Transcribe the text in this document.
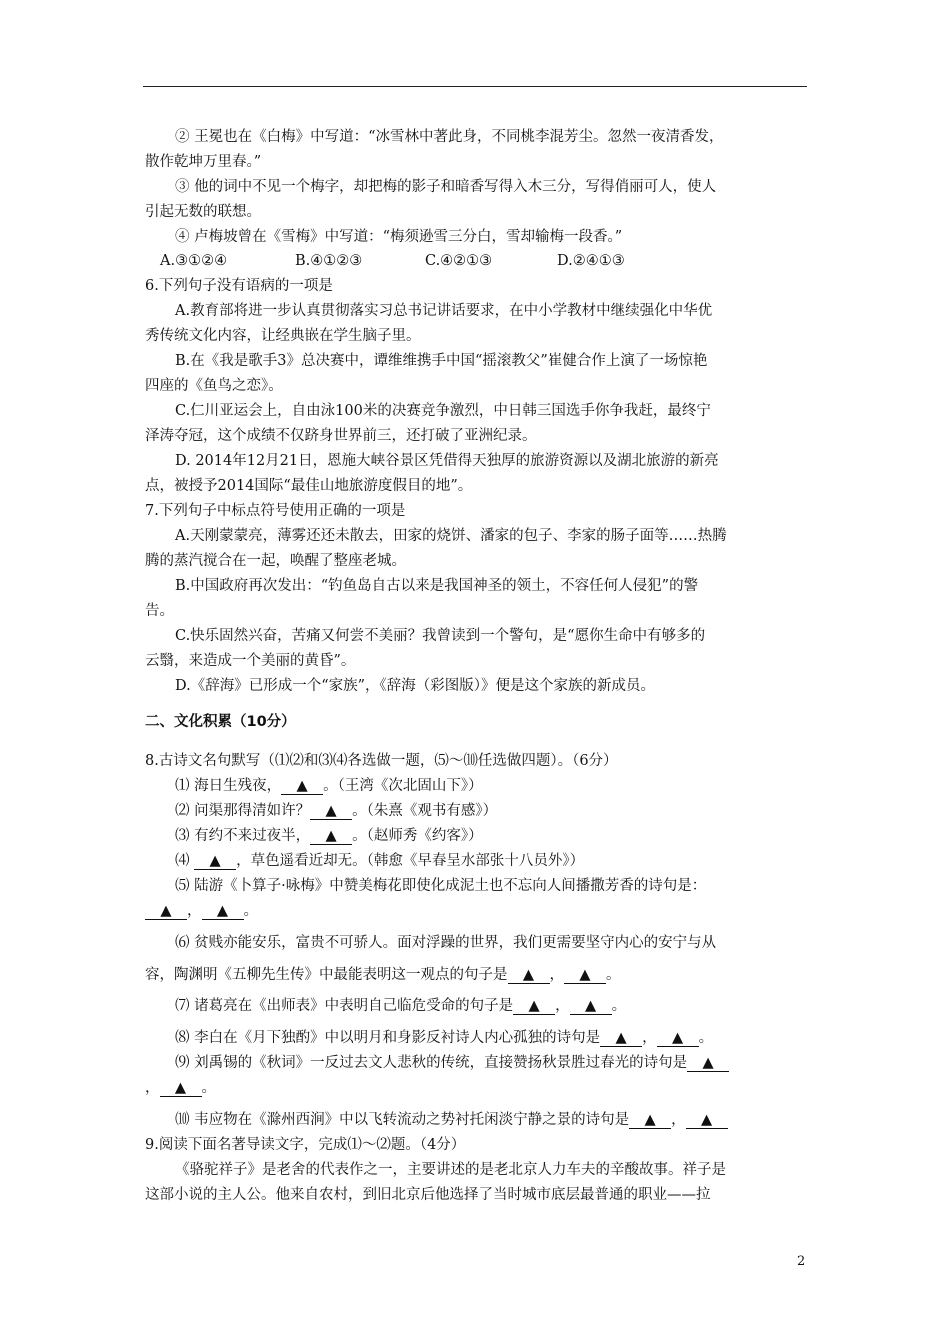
② 王冕也在《白梅》中写道：“冰雪林中著此身，不同桃李混芳尘。忽然一夜清香发，
散作乾坤万里春。”
③ 他的词中不见一个梅字，却把梅的影子和暗香写得入木三分，写得俏丽可人，使人
引起无数的联想。
④ 卢梅坡曾在《雪梅》中写道：“梅须逊雪三分白，雪却输梅一段香。”
A.③①②④	B.④①②③	C.④②①③	D.②④①③
6.下列句子没有语病的一项是
A.教育部将进一步认真贯彻落实习总书记讲话要求，在中小学教材中继续强化中华优
秀传统文化内容，让经典嵌在学生脑子里。
B.在《我是歌手3》总决赛中，谭维维携手中国“摇滚教父”崔健合作上演了一场惊艳
四座的《鱼鸟之恋》。
C.仁川亚运会上，自由泳100米的决赛竞争激烈，中日韩三国选手你争我赶，最终宁
泽涛夺冠，这个成绩不仅跻身世界前三，还打破了亚洲纪录。
D. 2014年12月21日，恩施大峡谷景区凭借得天独厚的旅游资源以及湖北旅游的新亮
点，被授予2014国际“最佳山地旅游度假目的地”。
7.下列句子中标点符号使用正确的一项是
A.天刚蒙蒙亮，薄雾还还未散去，田家的烧饼、潘家的包子、李家的肠子面等……热腾
腾的蒸汽搅合在一起，唤醒了整座老城。
B.中国政府再次发出：“钓鱼岛自古以来是我国神圣的领土，不容任何人侵犯”的警
告。
C.快乐固然兴奋，苦痛又何尝不美丽？我曾读到一个警句，是“愿你生命中有够多的
云翳，来造成一个美丽的黄昏”。
D.《辞海》已形成一个“家族”，《辞海（彩图版）》便是这个家族的新成员。
二、文化积累（10分）
8.古诗文名句默写（⑴⑵和⑶⑷各选做一题，⑸～⑽任选做四题）。（6分）
⑴ 海日生残夜， ▲ 。（王湾《次北固山下》）
⑵ 问渠那得清如许？ ▲ 。（朱熹《观书有感》）
⑶ 有约不来过夜半， ▲ 。（赵师秀《约客》）
⑷ ▲ ，草色遥看近却无。（韩愈《早春呈水部张十八员外》）
⑸ 陆游《卜算子·咏梅》中赞美梅花即使化成泥土也不忘向人间播撒芳香的诗句是：
▲ ， ▲ 。
⑹ 贫贱亦能安乐，富贵不可骄人。面对浮躁的世界，我们更需要坚守内心的安宁与从
容，陶渊明《五柳先生传》中最能表明这一观点的句子是 ▲ ， ▲ 。
⑺ 诸葛亮在《出师表》中表明自己临危受命的句子是 ▲ ， ▲ 。
⑻ 李白在《月下独酌》中以明月和身影反衬诗人内心孤独的诗句是 ▲ ， ▲ 。
⑼ 刘禹锡的《秋词》一反过去文人悲秋的传统，直接赞扬秋景胜过春光的诗句是 ▲
， ▲ 。
⑽ 韦应物在《滁州西涧》中以飞转流动之势衬托闲淡宁静之景的诗句是 ▲ ， ▲
9.阅读下面名著导读文字，完成⑴～⑵题。（4分）
《骆驼祥子》是老舍的代表作之一，主要讲述的是老北京人力车夫的辛酸故事。祥子是
这部小说的主人公。他来自农村，到旧北京后他选择了当时城市底层最普通的职业——拉
2
